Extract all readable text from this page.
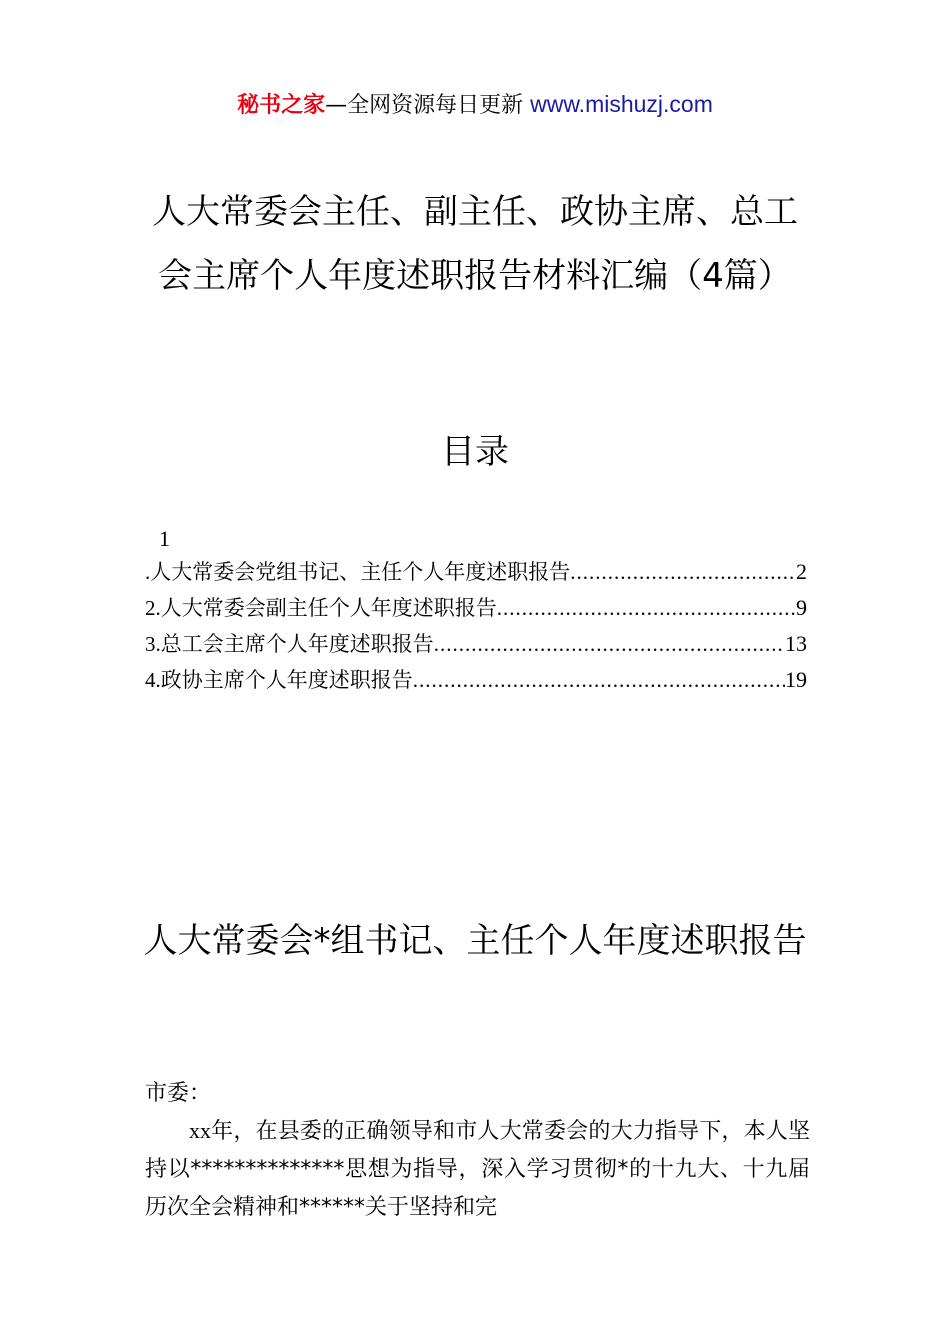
秘书之家—全网资源每日更新 www.mishuzj.com
人大常委会主任、副主任、政协主席、总工会主席个人年度述职报告材料汇编（4篇）
目录
1
.人大常委会党组书记、主任个人年度述职报告 .....	2
2.人大常委会副主任个人年度述职报告 .....	9
3.总工会主席个人年度述职报告 .....	13
4.政协主席个人年度述职报告 .....	19
人大常委会*组书记、主任个人年度述职报告
市委：
xx年，在县委的正确领导和市人大常委会的大力指导下，本人坚持以**************思想为指导，深入学习贯彻*的十九大、十九届历次全会精神和******关于坚持和完
